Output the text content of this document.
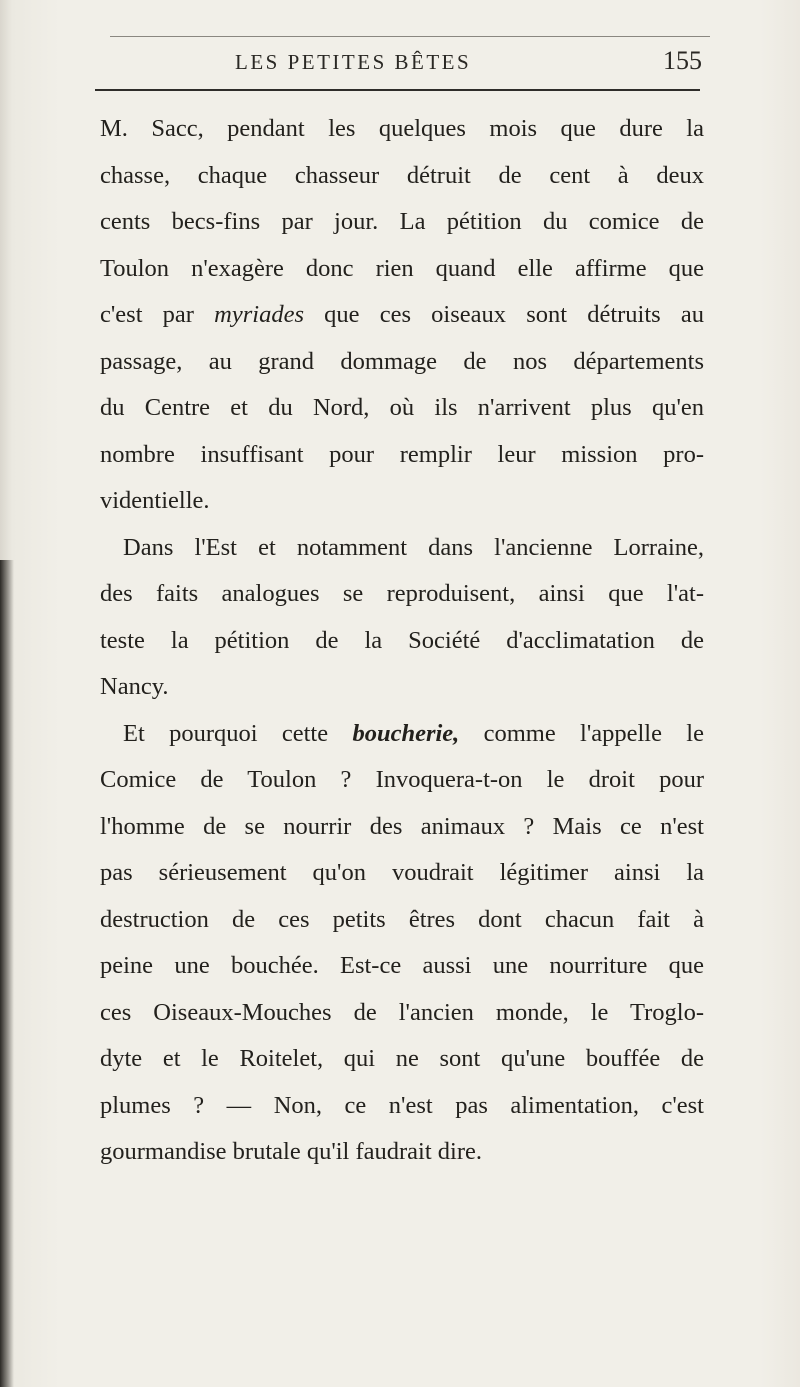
LES PETITES BÊTES	155
M. Sacc, pendant les quelques mois que dure la
chasse, chaque chasseur détruit de cent à deux
cents becs-fins par jour. La pétition du comice de
Toulon n'exagère donc rien quand elle affirme que
c'est par myriades que ces oiseaux sont détruits au
passage, au grand dommage de nos départements
du Centre et du Nord, où ils n'arrivent plus qu'en
nombre insuffisant pour remplir leur mission pro-
videntielle.
Dans l'Est et notamment dans l'ancienne Lorraine,
des faits analogues se reproduisent, ainsi que l'at-
teste la pétition de la Société d'acclimatation de
Nancy.
Et pourquoi cette boucherie, comme l'appelle le
Comice de Toulon ? Invoquera-t-on le droit pour
l'homme de se nourrir des animaux ? Mais ce n'est
pas sérieusement qu'on voudrait légitimer ainsi la
destruction de ces petits êtres dont chacun fait à
peine une bouchée. Est-ce aussi une nourriture que
ces Oiseaux-Mouches de l'ancien monde, le Troglo-
dyte et le Roitelet, qui ne sont qu'une bouffée de
plumes ? — Non, ce n'est pas alimentation, c'est
gourmandise brutale qu'il faudrait dire.
